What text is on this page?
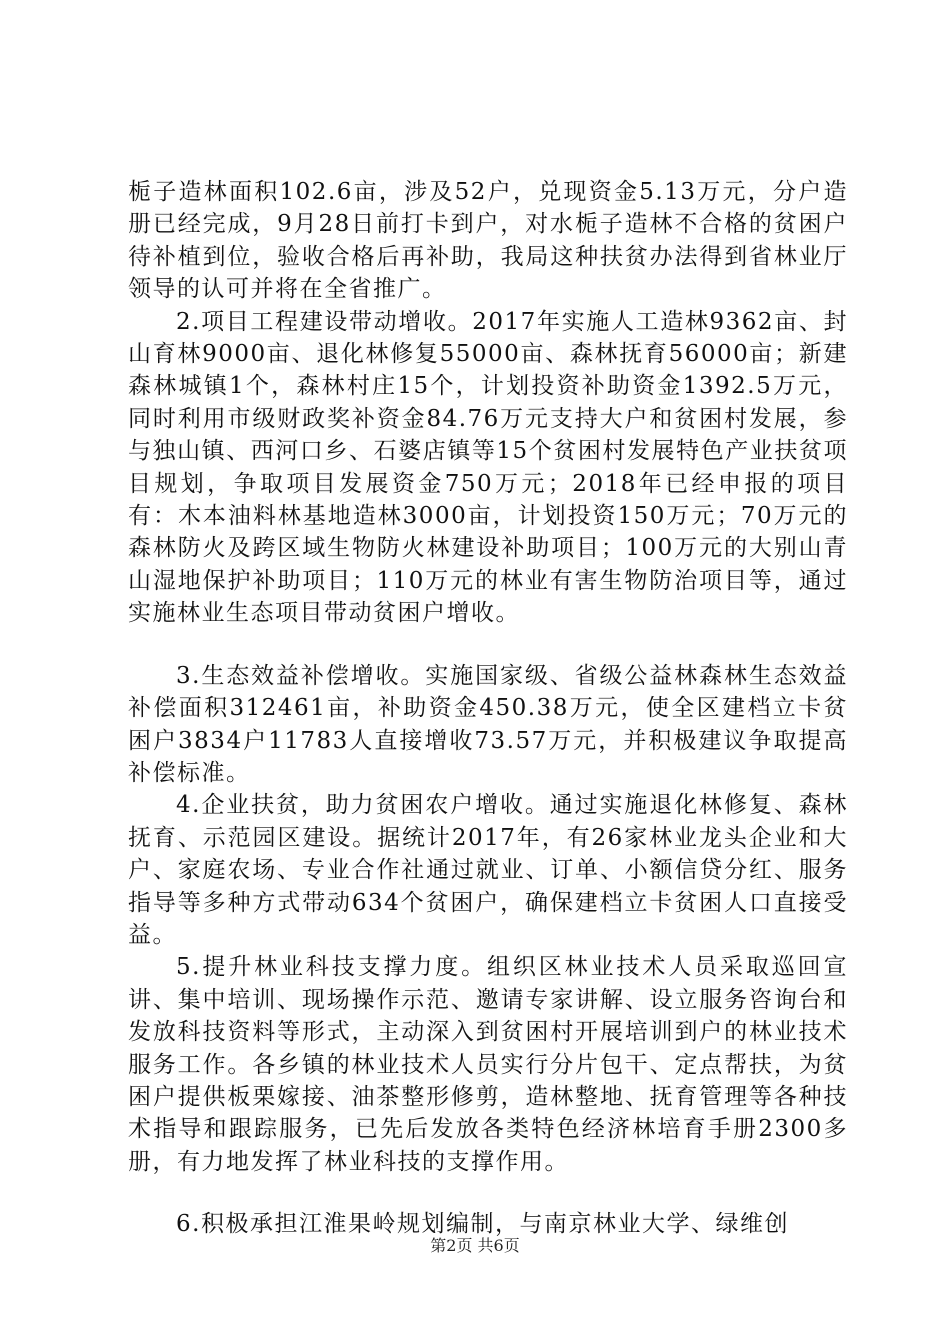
栀子造林面积102.6亩，涉及52户，兑现资金5.13万元，分户造册已经完成，9月28日前打卡到户，对水栀子造林不合格的贫困户待补植到位，验收合格后再补助，我局这种扶贫办法得到省林业厅领导的认可并将在全省推广。

2.项目工程建设带动增收。2017年实施人工造林9362亩、封山育林9000亩、退化林修复55000亩、森林抚育56000亩；新建森林城镇1个，森林村庄15个，计划投资补助资金1392.5万元，同时利用市级财政奖补资金84.76万元支持大户和贫困村发展，参与独山镇、西河口乡、石婆店镇等15个贫困村发展特色产业扶贫项目规划，争取项目发展资金750万元；2018年已经申报的项目有：木本油料林基地造林3000亩，计划投资150万元；70万元的森林防火及跨区域生物防火林建设补助项目；100万元的大别山青山湿地保护补助项目；110万元的林业有害生物防治项目等，通过实施林业生态项目带动贫困户增收。

3.生态效益补偿增收。实施国家级、省级公益林森林生态效益补偿面积312461亩，补助资金450.38万元，使全区建档立卡贫困户3834户11783人直接增收73.57万元，并积极建议争取提高补偿标准。

4.企业扶贫，助力贫困农户增收。通过实施退化林修复、森林抚育、示范园区建设。据统计2017年，有26家林业龙头企业和大户、家庭农场、专业合作社通过就业、订单、小额信贷分红、服务指导等多种方式带动634个贫困户，确保建档立卡贫困人口直接受益。

5.提升林业科技支撑力度。组织区林业技术人员采取巡回宣讲、集中培训、现场操作示范、邀请专家讲解、设立服务咨询台和发放科技资料等形式，主动深入到贫困村开展培训到户的林业技术服务工作。各乡镇的林业技术人员实行分片包干、定点帮扶，为贫困户提供板栗嫁接、油茶整形修剪，造林整地、抚育管理等各种技术指导和跟踪服务，已先后发放各类特色经济林培育手册2300多册，有力地发挥了林业科技的支撑作用。

6.积极承担江淮果岭规划编制，与南京林业大学、绿维创

第2页 共6页
